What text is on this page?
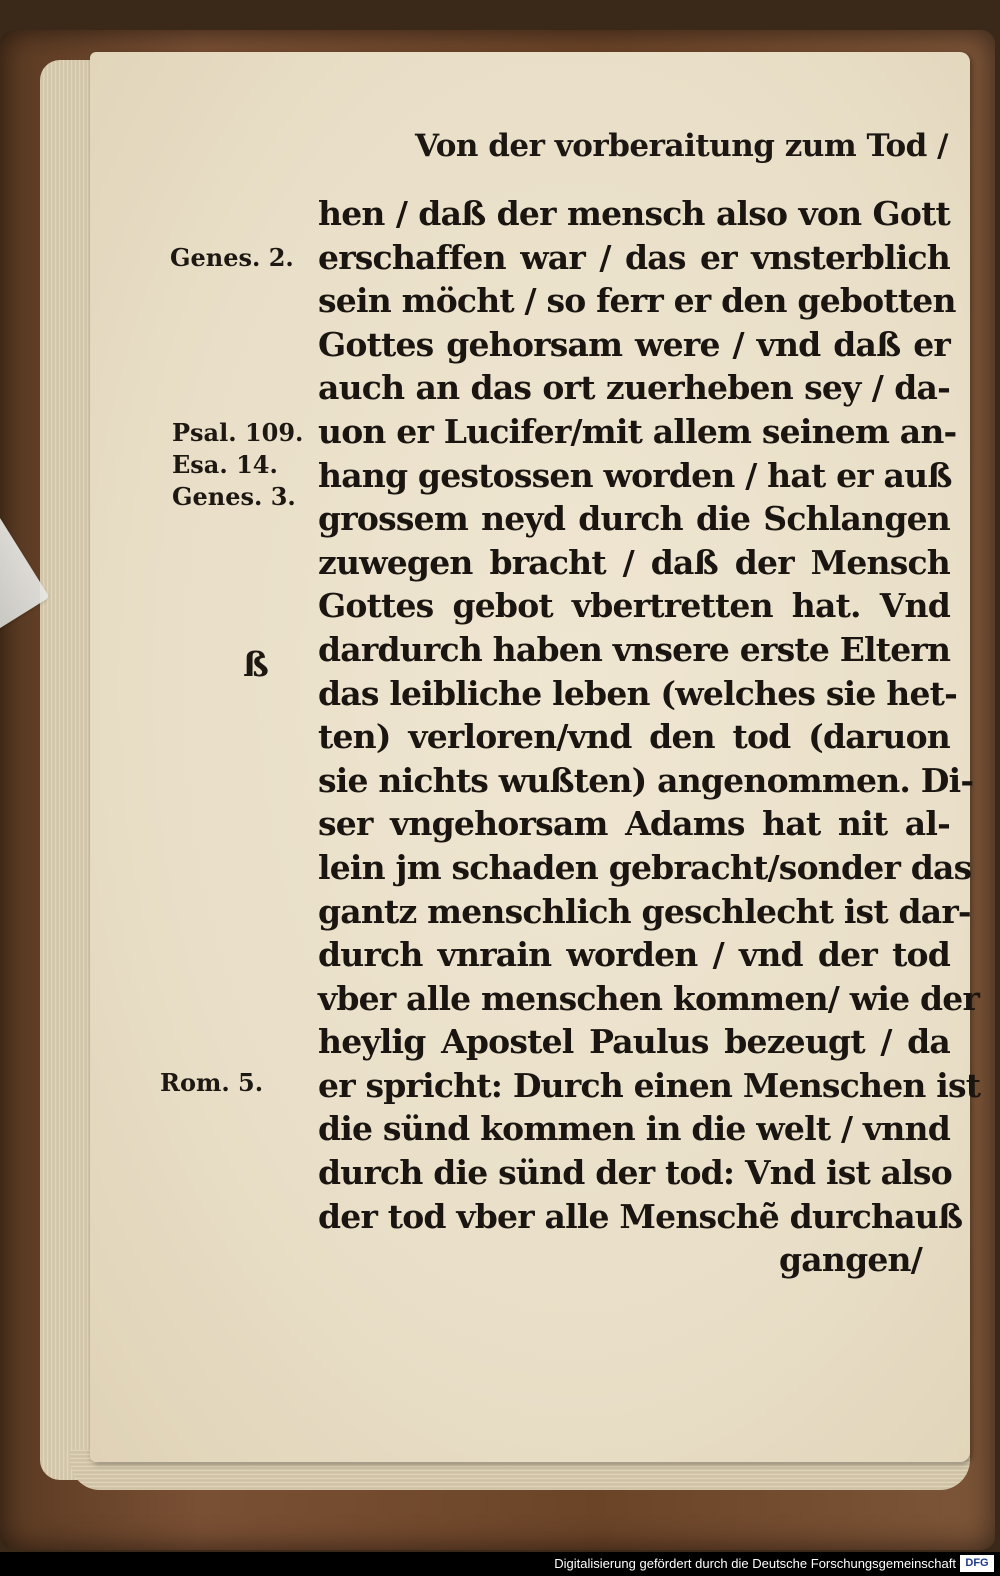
Von der vorberaitung zum Tod /
Genes. 2.
Psal. 109.
Esa. 14.
Genes. 3.
Rom. 5.
ß
hen / daß der mensch also von Gott
erschaffen war / das er vnsterblich
sein möcht / so ferr er den gebotten
Gottes gehorsam were / vnd daß er
auch an das ort zuerheben sey / da-
uon er Lucifer/mit allem seinem an-
hang gestossen worden / hat er auß
grossem neyd durch die Schlangen
zuwegen bracht / daß der Mensch
Gottes gebot vbertretten hat. Vnd
dardurch haben vnsere erste Eltern
das leibliche leben (welches sie het-
ten) verloren/vnd den tod (daruon
sie nichts wußten) angenommen. Di-
ser vngehorsam Adams hat nit al-
lein jm schaden gebracht/sonder das
gantz menschlich geschlecht ist dar-
durch vnrain worden / vnd der tod
vber alle menschen kommen/ wie der
heylig Apostel Paulus bezeugt / da
er spricht: Durch einen Menschen ist
die sünd kommen in die welt / vnnd
durch die sünd der tod: Vnd ist also
der tod vber alle Menschẽ durchauß
gangen/
Digitalisierung gefördert durch die Deutsche Forschungsgemeinschaft DFG
